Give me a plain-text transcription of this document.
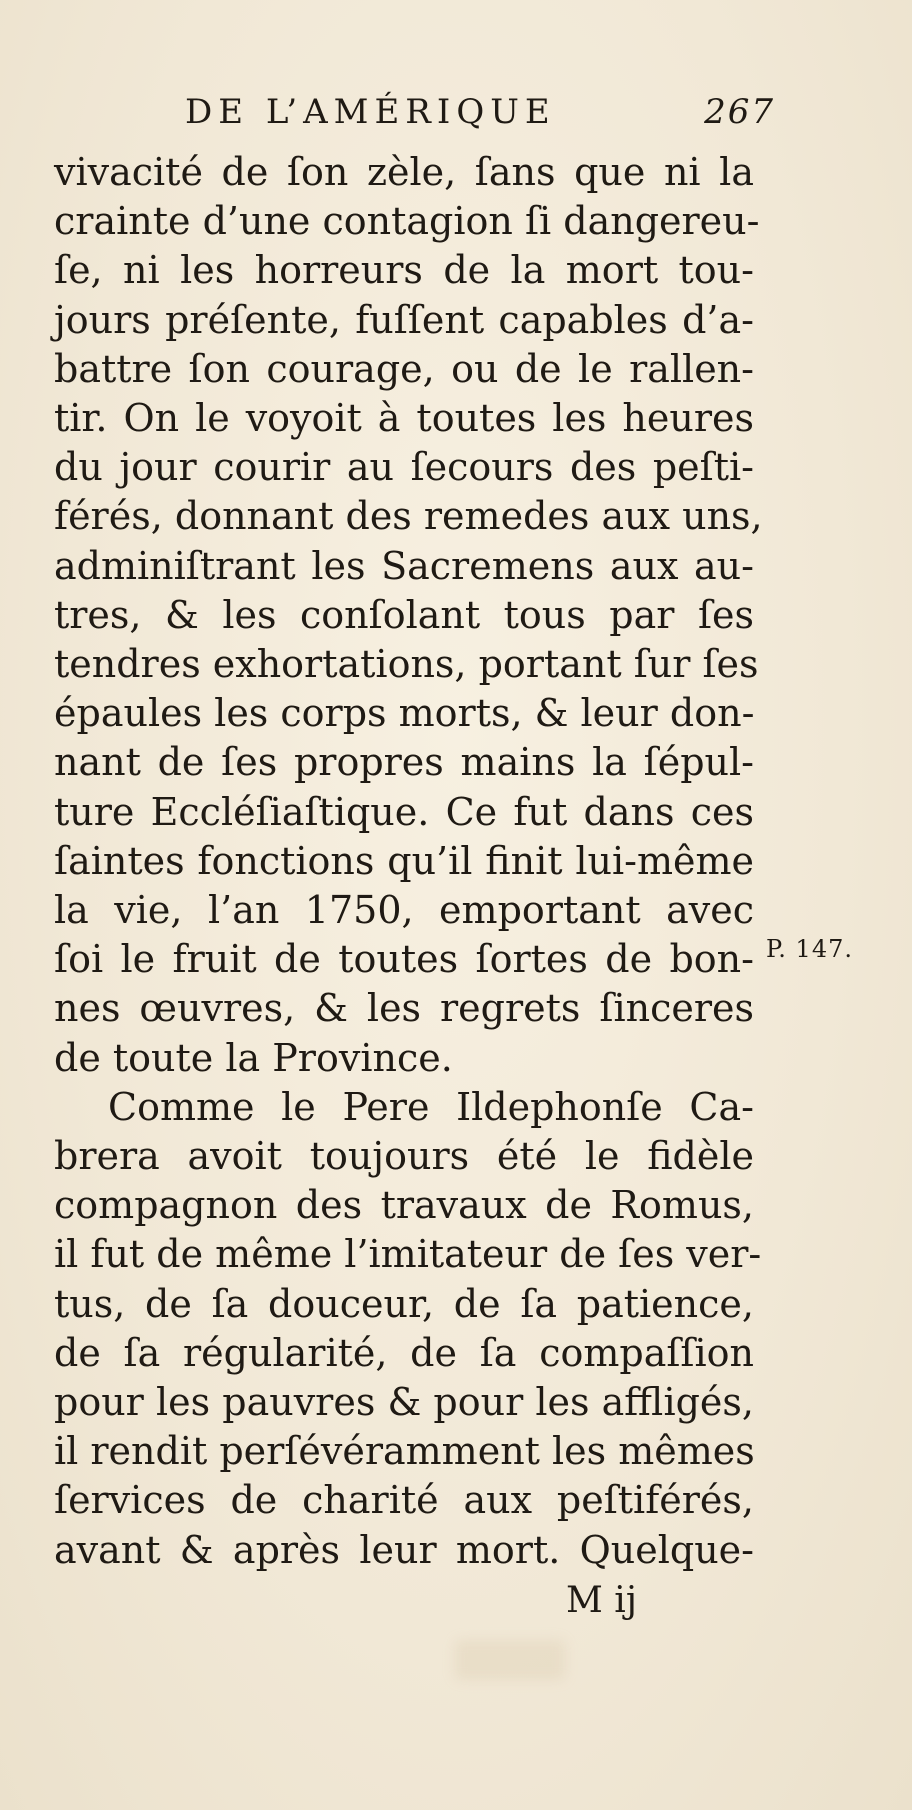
DE L’AMÉRIQUE	267
vivacité de ſon zèle, ſans que ni la
crainte d’une contagion ſi dangereu-
ſe, ni les horreurs de la mort tou-
jours préſente, fuſſent capables d’a-
battre ſon courage, ou de le rallen-
tir. On le voyoit à toutes les heures
du jour courir au ſecours des peſti-
férés, donnant des remedes aux uns,
adminiſtrant les Sacremens aux au-
tres, & les conſolant tous par ſes
tendres exhortations, portant ſur ſes
épaules les corps morts, & leur don-
nant de ſes propres mains la ſépul-
ture Eccléſiaſtique. Ce fut dans ces
ſaintes fonctions qu’il finit lui-même
la vie, l’an 1750, emportant avec
ſoi le fruit de toutes ſortes de bon-
nes œuvres, & les regrets ſinceres
de toute la Province.
Comme le Pere Ildephonſe Ca-
brera avoit toujours été le fidèle
compagnon des travaux de Romus,
il fut de même l’imitateur de ſes ver-
tus, de ſa douceur, de ſa patience,
de ſa régularité, de ſa compaſſion
pour les pauvres & pour les affligés,
il rendit perſévéramment les mêmes
ſervices de charité aux peſtiférés,
avant & après leur mort. Quelque-
P. 147.
M ij
